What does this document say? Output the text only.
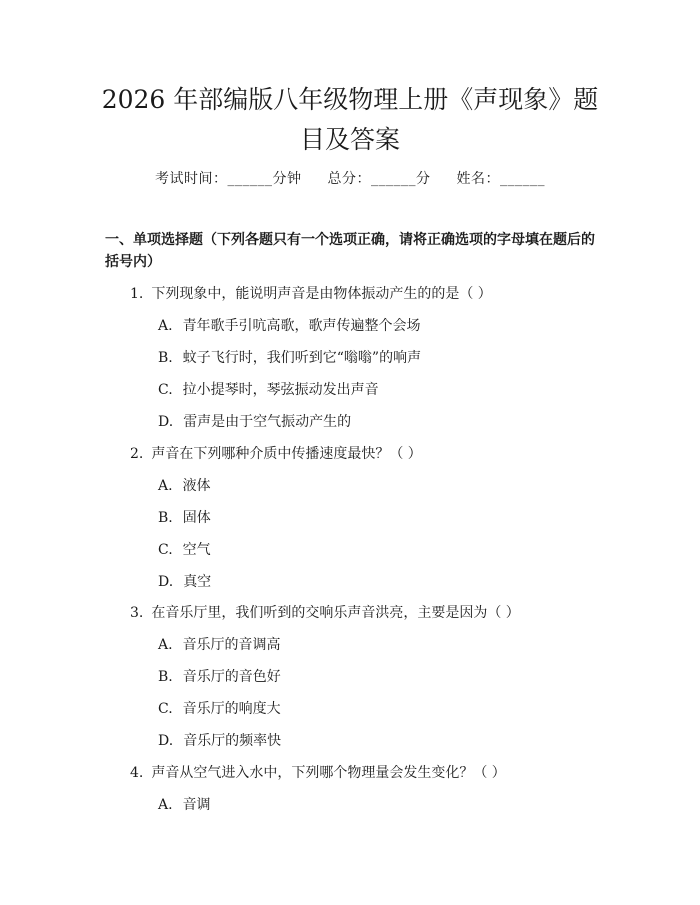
2026 年部编版八年级物理上册《声现象》题
目及答案
考试时间：______分钟 总分：______分 姓名：______
一、单项选择题（下列各题只有一个选项正确，请将正确选项的字母填在题后的括号内）
1. 下列现象中，能说明声音是由物体振动产生的的是（ ）
A. 青年歌手引吭高歌，歌声传遍整个会场
B. 蚊子飞行时，我们听到它“嗡嗡”的响声
C. 拉小提琴时，琴弦振动发出声音
D. 雷声是由于空气振动产生的
2. 声音在下列哪种介质中传播速度最快？（ ）
A. 液体
B. 固体
C. 空气
D. 真空
3. 在音乐厅里，我们听到的交响乐声音洪亮，主要是因为（ ）
A. 音乐厅的音调高
B. 音乐厅的音色好
C. 音乐厅的响度大
D. 音乐厅的频率快
4. 声音从空气进入水中，下列哪个物理量会发生变化？（ ）
A. 音调
